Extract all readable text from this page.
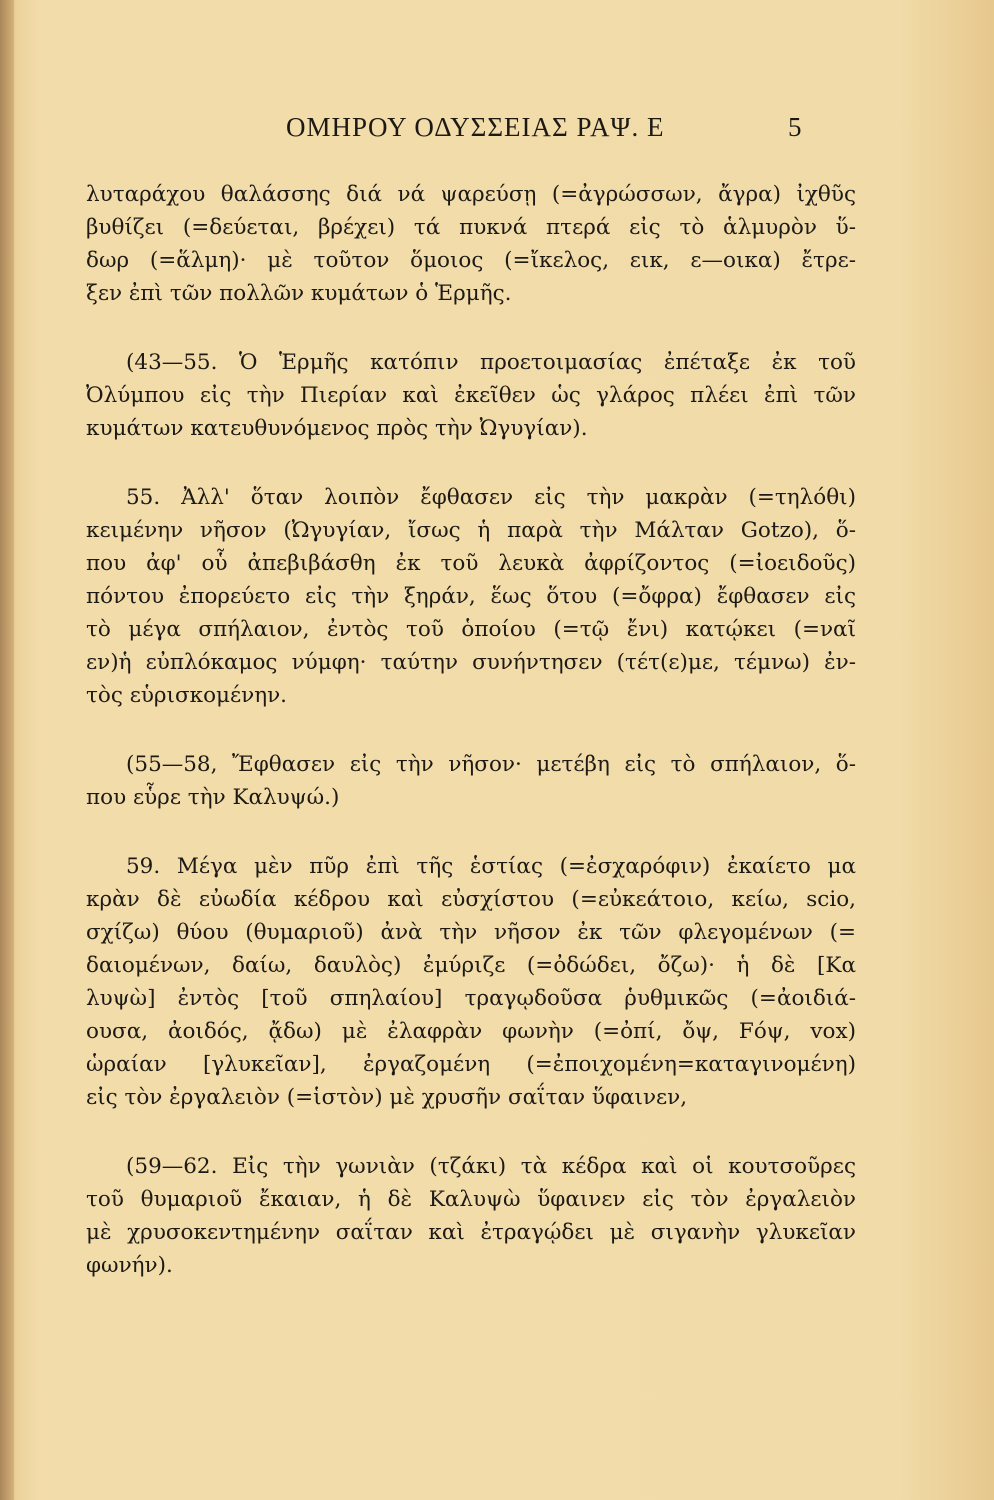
ΟΜΗΡΟΥ ΟΔΥΣΣΕΙΑΣ ΡΑΨ. Ε	5
λυταράχου θαλάσσης διά νά ψαρεύσῃ (=ἀγρώσσων, ἄγρα) ἰχθῦς
βυθίζει (=δεύεται, βρέχει) τά πυκνά πτερά εἰς τὸ ἁλμυρὸν ὕ-
δωρ (=ἅλμη)· μὲ τοῦτον ὅμοιος (=ἴκελος, εικ, ε—οικα) ἔτρε-
ξεν ἐπὶ τῶν πολλῶν κυμάτων ὁ Ἑρμῆς.
(43—55. Ὁ Ἑρμῆς κατόπιν προετοιμασίας ἐπέταξε ἐκ τοῦ
Ὀλύμπου εἰς τὴν Πιερίαν καὶ ἐκεῖθεν ὡς γλάρος πλέει ἐπὶ τῶν
κυμάτων κατευθυνόμενος πρὸς τὴν Ὠγυγίαν).
55. Ἀλλ' ὅταν λοιπὸν ἔφθασεν εἰς τὴν μακρὰν (=τηλόθι)
κειμένην νῆσον (Ὠγυγίαν, ἴσως ἡ παρὰ τὴν Μάλταν Gotzo), ὅ-
που ἀφ' οὗ ἀπεβιβάσθη ἐκ τοῦ λευκὰ ἀφρίζοντος (=ἰοειδοῦς)
πόντου ἐπορεύετο εἰς τὴν ξηράν, ἕως ὅτου (=ὄφρα) ἔφθασεν εἰς
τὸ μέγα σπήλαιον, ἐντὸς τοῦ ὁποίου (=τῷ ἔνι) κατῴκει (=ναῖ
εν)ἡ εὐπλόκαμος νύμφη· ταύτην συνήντησεν (τέτ(ε)με, τέμνω) ἐν-
τὸς εὑρισκομένην.
(55—58, Ἔφθασεν εἰς τὴν νῆσον· μετέβη εἰς τὸ σπήλαιον, ὅ-
που εὗρε τὴν Καλυψώ.)
59. Μέγα μὲν πῦρ ἐπὶ τῆς ἑστίας (=ἐσχαρόφιν) ἐκαίετο μα
κρὰν δὲ εὐωδία κέδρου καὶ εὐσχίστου (=εὐκεάτοιο, κείω, scio,
σχίζω) θύου (θυμαριοῦ) ἀνὰ τὴν νῆσον ἐκ τῶν φλεγομένων (=
δαιομένων, δαίω, δαυλὸς) ἐμύριζε (=ὀδώδει, ὄζω)· ἡ δὲ [Κα
λυψὼ] ἐντὸς [τοῦ σπηλαίου] τραγῳδοῦσα ῥυθμικῶς (=ἀοιδιά-
ουσα, ἀοιδός, ᾄδω) μὲ ἐλαφρὰν φωνὴν (=ὀπί, ὄψ, Fόψ, vox)
ὡραίαν [γλυκεῖαν], ἐργαζομένη (=ἐποιχομένη=καταγινομένη)
εἰς τὸν ἐργαλειὸν (=ἱστὸν) μὲ χρυσῆν σαΐταν ὕφαινεν,
(59—62. Εἰς τὴν γωνιὰν (τζάκι) τὰ κέδρα καὶ οἱ κουτσοῦρες
τοῦ θυμαριοῦ ἔκαιαν, ἡ δὲ Καλυψὼ ὕφαινεν εἰς τὸν ἐργαλειὸν
μὲ χρυσοκεντημένην σαΐταν καὶ ἐτραγῴδει μὲ σιγανὴν γλυκεῖαν
φωνήν).
